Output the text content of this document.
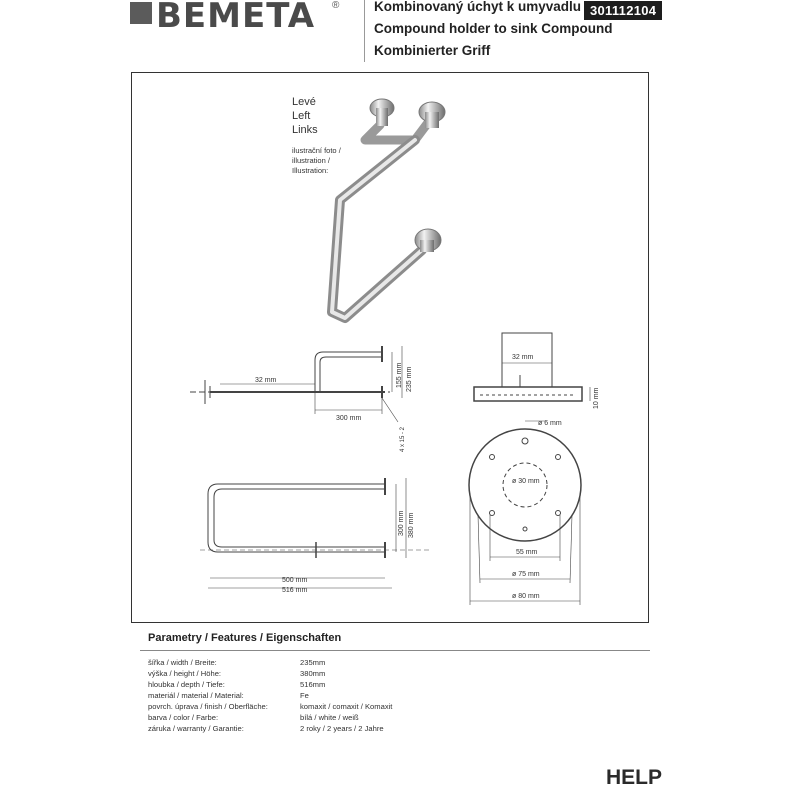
BEMETA ®	Kombinovaný úchyt k umyvadlu
Compound holder to sink Compound
Kombinierter Griff
301112104
Levé
Left
Links
ilustrační foto /
illustration /
Illustration:
32 mm
300 mm
155 mm 235 mm
4 x 15 - 2
32 mm
10 mm
500 mm
516 mm
300 mm 380 mm
ø 6 mm
ø 30 mm
55 mm
ø 75 mm
ø 80 mm
Parametry / Features / Eigenschaften
šířka / width / Breite:	235mm
výška / height / Höhe:	380mm
hloubka / depth / Tiefe:	516mm
materiál / material / Material:	Fe
povrch. úprava / finish / Oberfläche:	komaxit / comaxit / Komaxit
barva / color / Farbe:	bílá / white / weiß
záruka / warranty / Garantie:	2 roky / 2 years / 2 Jahre
HELP
